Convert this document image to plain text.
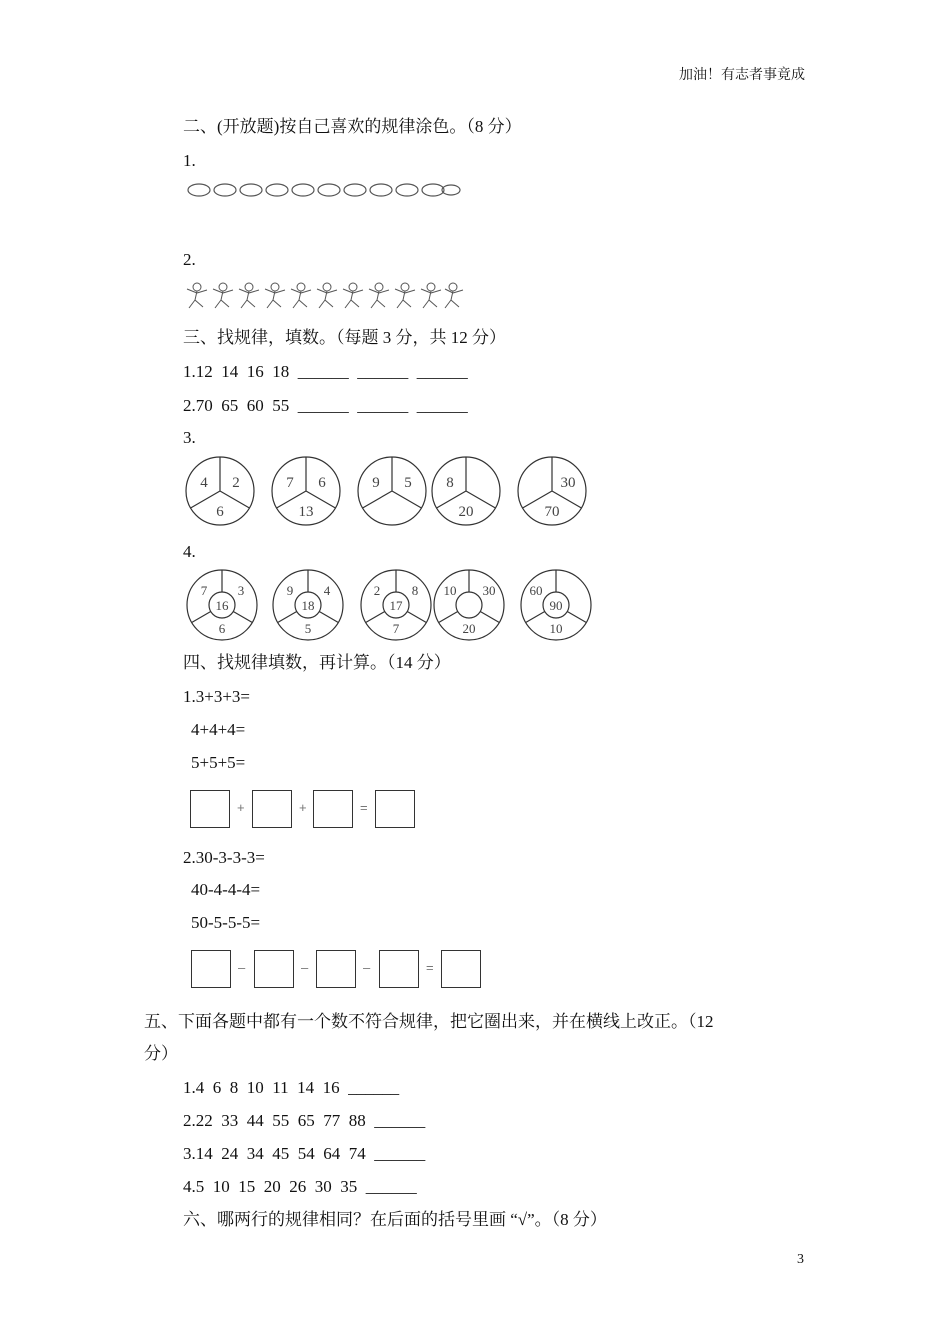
加油！有志者事竟成
二、(开放题)按自己喜欢的规律涂色。（8 分）
1.
2.
三、找规律，填数。（每题 3 分，共 12 分）
1.12  14  16  18  ______  ______  ______
2.70  65  60  55  ______  ______  ______
3.
4 2
6
7 6
13
9 5 8
20
30
70
4.
7 3
16
6
9 4
18
5
2 8
17
7
10 30
20
60
90
10
四、找规律填数，再计算。（14 分）
1.3+3+3=
4+4+4=
5+5+5=
+	+	=
2.30-3-3-3=
40-4-4-4=
50-5-5-5=
–	–	–	=
五、下面各题中都有一个数不符合规律，把它圈出来，并在横线上改正。（12
分）
1.4  6  8  10  11  14  16  ______
2.22  33  44  55  65  77  88  ______
3.14  24  34  45  54  64  74  ______
4.5  10  15  20  26  30  35  ______
六、哪两行的规律相同？在后面的括号里画 “√”。（8 分）
3
